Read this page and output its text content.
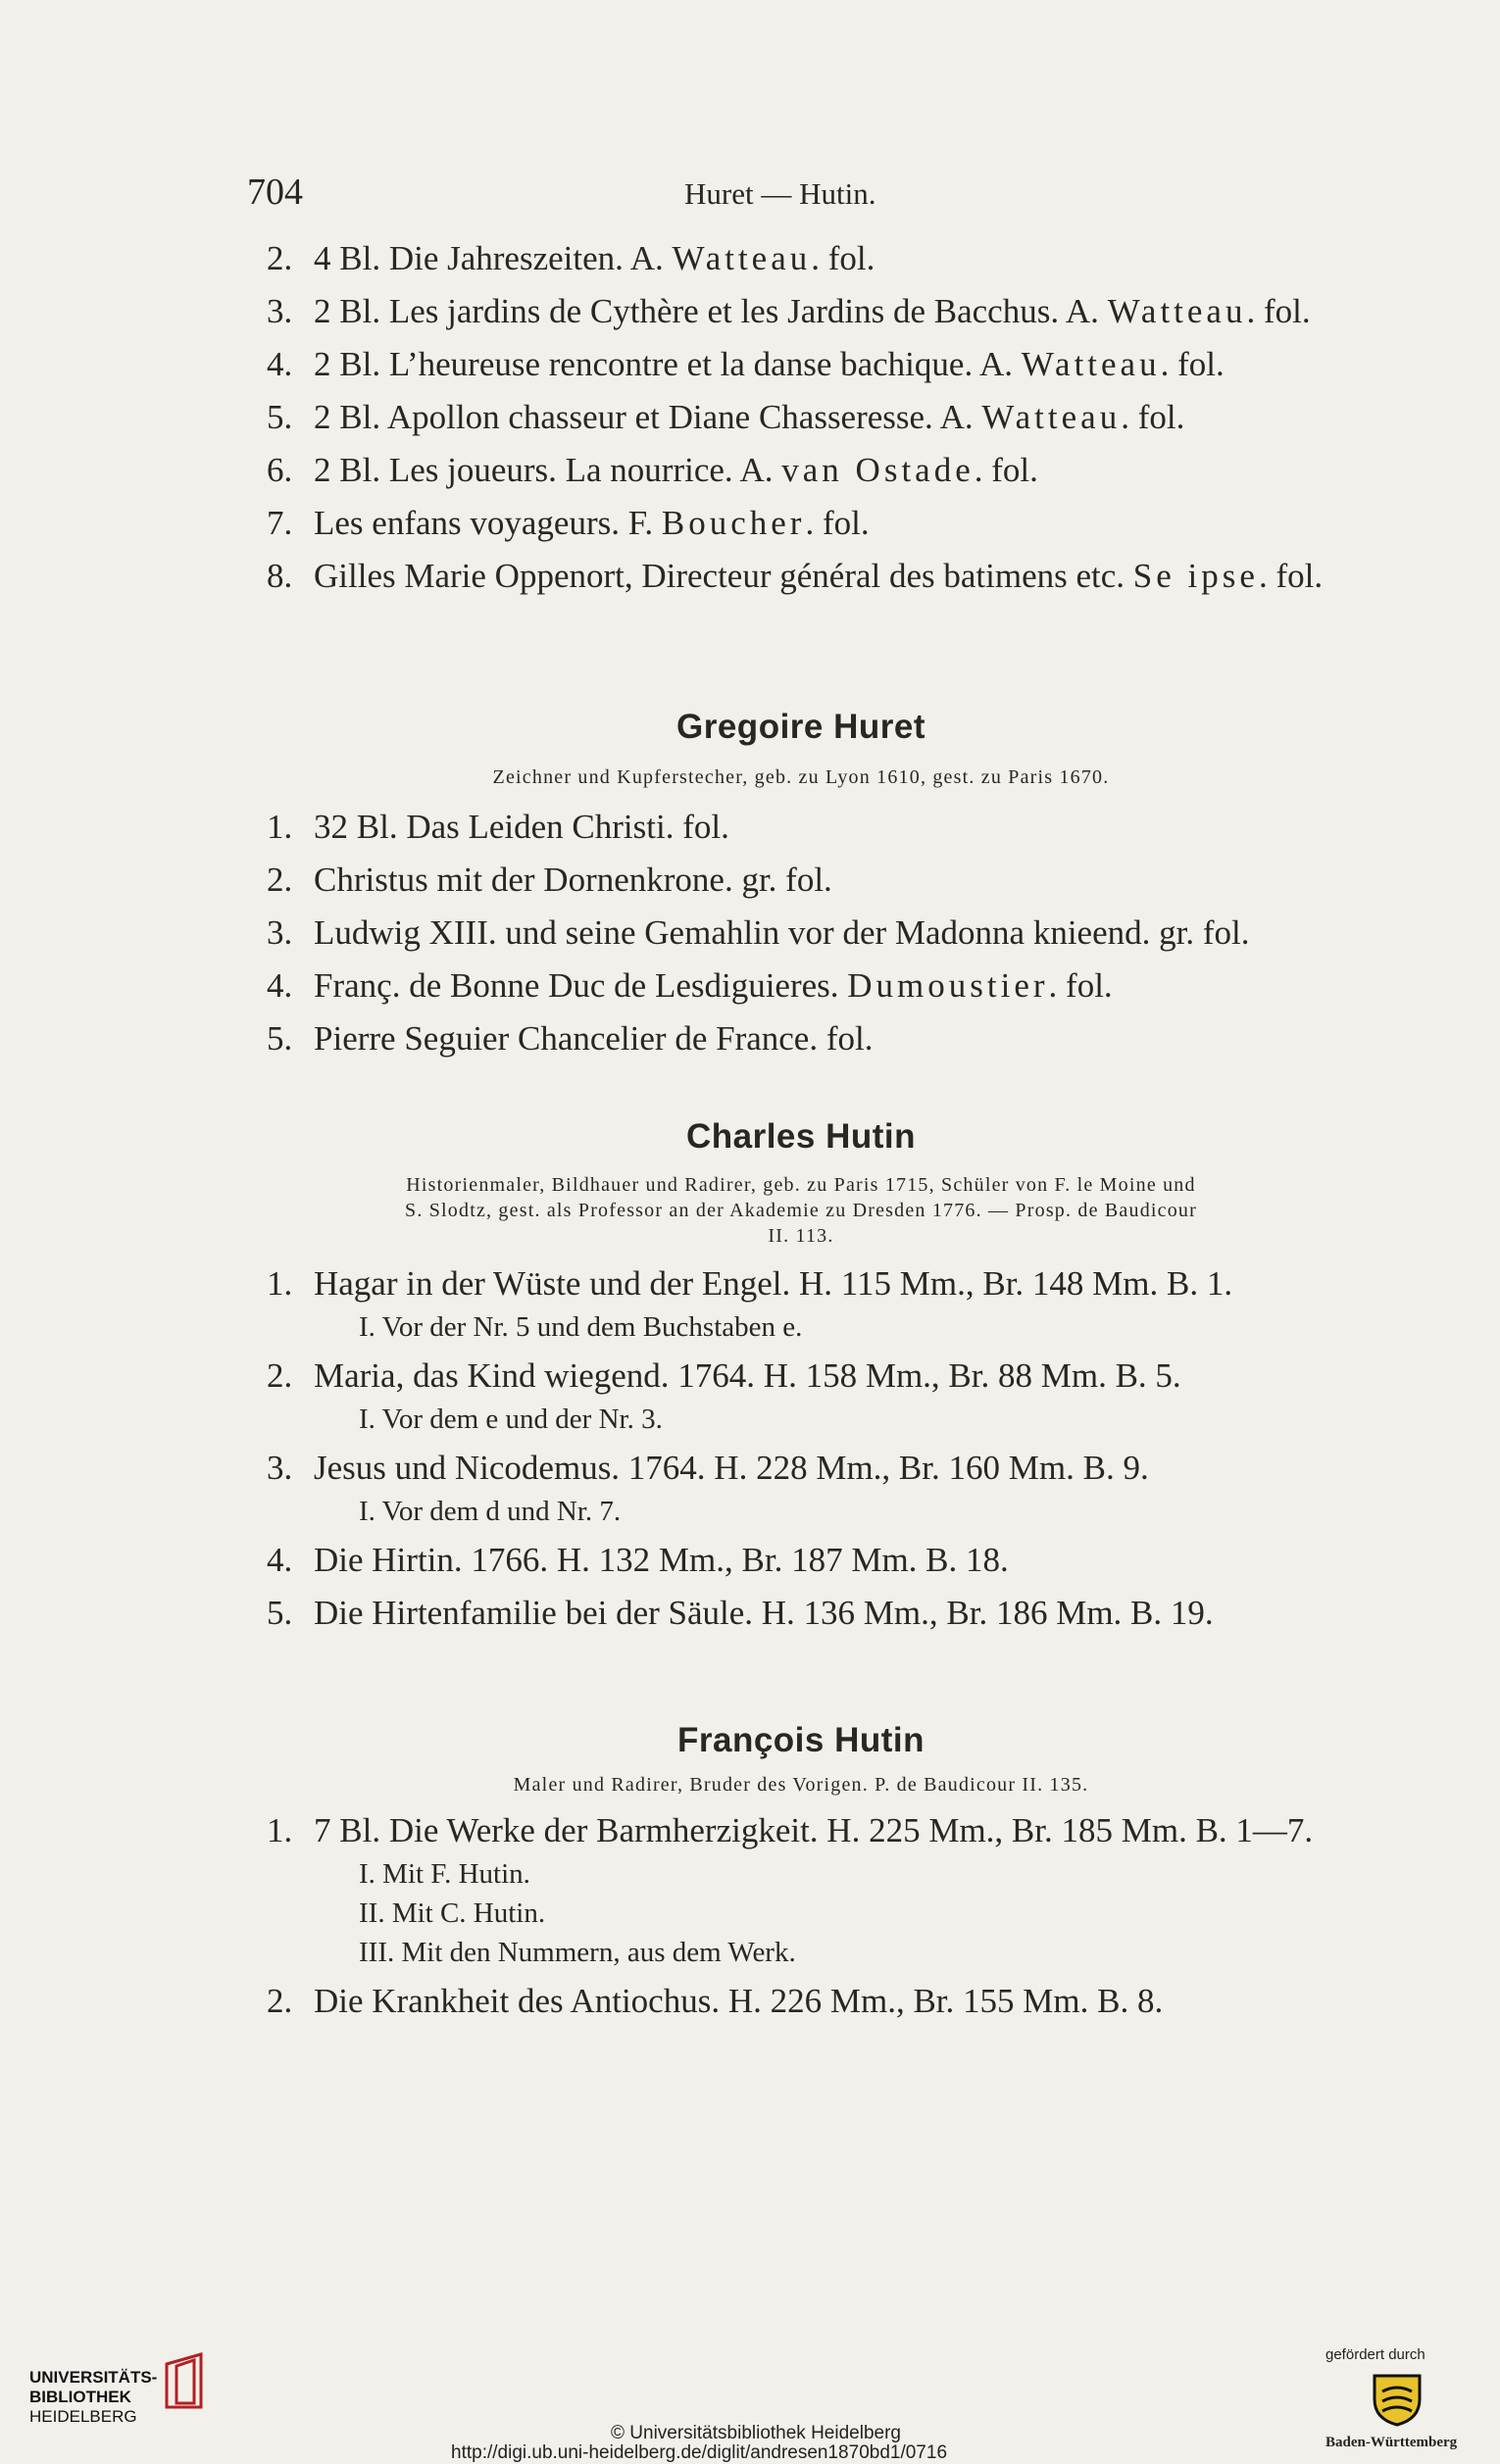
704	Huret — Hutin.
2. 4 Bl. Die Jahreszeiten. A. Watteau. fol.
3. 2 Bl. Les jardins de Cythère et les Jardins de Bacchus. A. Watteau. fol.
4. 2 Bl. L’heureuse rencontre et la danse bachique. A. Watteau. fol.
5. 2 Bl. Apollon chasseur et Diane Chasseresse. A. Watteau. fol.
6. 2 Bl. Les joueurs. La nourrice. A. van Ostade. fol.
7. Les enfans voyageurs. F. Boucher. fol.
8. Gilles Marie Oppenort, Directeur général des batimens etc. Se ipse. fol.
Gregoire Huret
Zeichner und Kupferstecher, geb. zu Lyon 1610, gest. zu Paris 1670.
1. 32 Bl. Das Leiden Christi. fol.
2. Christus mit der Dornenkrone. gr. fol.
3. Ludwig XIII. und seine Gemahlin vor der Madonna knieend. gr. fol.
4. Franç. de Bonne Duc de Lesdiguieres. Dumoustier. fol.
5. Pierre Seguier Chancelier de France. fol.
Charles Hutin
Historienmaler, Bildhauer und Radirer, geb. zu Paris 1715, Schüler von F. le Moine und
S. Slodtz, gest. als Professor an der Akademie zu Dresden 1776. — Prosp. de Baudicour
II. 113.
1. Hagar in der Wüste und der Engel. H. 115 Mm., Br. 148 Mm. B. 1.
I. Vor der Nr. 5 und dem Buchstaben e.
2. Maria, das Kind wiegend. 1764. H. 158 Mm., Br. 88 Mm. B. 5.
I. Vor dem e und der Nr. 3.
3. Jesus und Nicodemus. 1764. H. 228 Mm., Br. 160 Mm. B. 9.
I. Vor dem d und Nr. 7.
4. Die Hirtin. 1766. H. 132 Mm., Br. 187 Mm. B. 18.
5. Die Hirtenfamilie bei der Säule. H. 136 Mm., Br. 186 Mm. B. 19.
François Hutin
Maler und Radirer, Bruder des Vorigen. P. de Baudicour II. 135.
1. 7 Bl. Die Werke der Barmherzigkeit. H. 225 Mm., Br. 185 Mm. B. 1—7.
I. Mit F. Hutin.
II. Mit C. Hutin.
III. Mit den Nummern, aus dem Werk.
2. Die Krankheit des Antiochus. H. 226 Mm., Br. 155 Mm. B. 8.
UNIVERSITÄTS-
BIBLIOTHEK
HEIDELBERG
© Universitätsbibliothek Heidelberg
http://digi.ub.uni-heidelberg.de/diglit/andresen1870bd1/0716
gefördert durch
Baden-Württemberg
